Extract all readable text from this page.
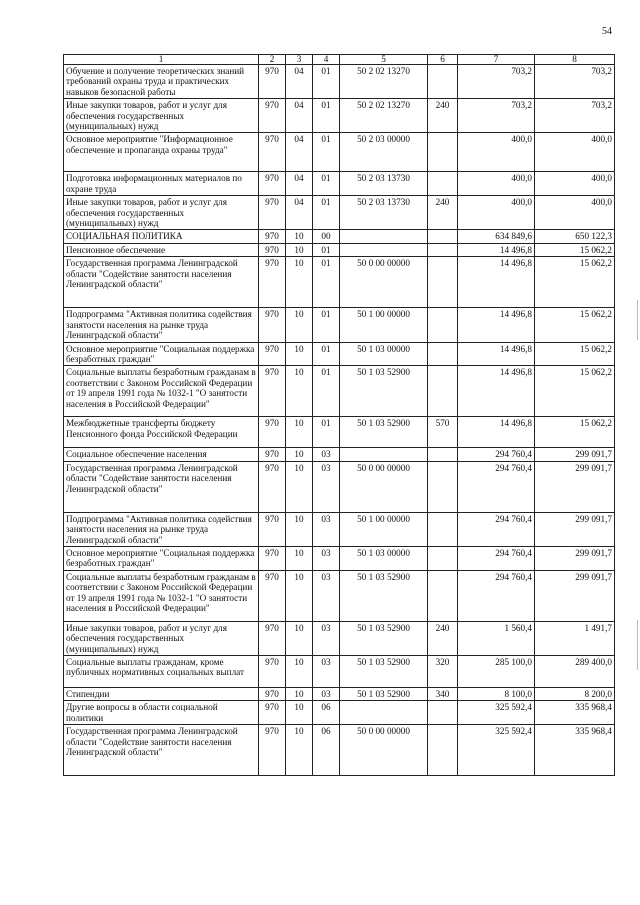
54
1	2	3	4	5	6	7	8
Обучение и получение теоретических знаний требований охраны труда и практических навыков безопасной работы	970	04	01	50 2 02 13270		703,2	703,2
Иные закупки товаров, работ и услуг для обеспечения государственных (муниципальных) нужд	970	04	01	50 2 02 13270	240	703,2	703,2
Основное мероприятие "Информационное обеспечение и пропаганда охраны труда"	970	04	01	50 2 03 00000		400,0	400,0
Подготовка информационных материалов по охране труда	970	04	01	50 2 03 13730		400,0	400,0
Иные закупки товаров, работ и услуг для обеспечения государственных (муниципальных) нужд	970	04	01	50 2 03 13730	240	400,0	400,0
СОЦИАЛЬНАЯ ПОЛИТИКА	970	10	00			634 849,6	650 122,3
Пенсионное обеспечение	970	10	01			14 496,8	15 062,2
Государственная программа Ленинградской области "Содействие занятости населения Ленинградской области"	970	10	01	50 0 00 00000		14 496,8	15 062,2
Подпрограмма "Активная политика содействия занятости населения на рынке труда Ленинградской области"	970	10	01	50 1 00 00000		14 496,8	15 062,2
Основное мероприятие "Социальная поддержка безработных граждан"	970	10	01	50 1 03 00000		14 496,8	15 062,2
Социальные выплаты безработным гражданам в соответствии с Законом Российской Федерации от 19 апреля 1991 года № 1032-1 "О занятости населения в Российской Федерации"	970	10	01	50 1 03 52900		14 496,8	15 062,2
Межбюджетные трансферты бюджету Пенсионного фонда Российской Федерации	970	10	01	50 1 03 52900	570	14 496,8	15 062,2
Социальное обеспечение населения	970	10	03			294 760,4	299 091,7
Государственная программа Ленинградской области "Содействие занятости населения Ленинградской области"	970	10	03	50 0 00 00000		294 760,4	299 091,7
Подпрограмма "Активная политика содействия занятости населения на рынке труда Ленинградской области"	970	10	03	50 1 00 00000		294 760,4	299 091,7
Основное мероприятие "Социальная поддержка безработных граждан"	970	10	03	50 1 03 00000		294 760,4	299 091,7
Социальные выплаты безработным гражданам в соответствии с Законом Российской Федерации от 19 апреля 1991 года № 1032-1 "О занятости населения в Российской Федерации"	970	10	03	50 1 03 52900		294 760,4	299 091,7
Иные закупки товаров, работ и услуг для обеспечения государственных (муниципальных) нужд	970	10	03	50 1 03 52900	240	1 560,4	1 491,7
Социальные выплаты гражданам, кроме публичных нормативных социальных выплат	970	10	03	50 1 03 52900	320	285 100,0	289 400,0
Стипендии	970	10	03	50 1 03 52900	340	8 100,0	8 200,0
Другие вопросы в области социальной политики	970	10	06			325 592,4	335 968,4
Государственная программа Ленинградской области "Содействие занятости населения Ленинградской области"	970	10	06	50 0 00 00000		325 592,4	335 968,4
